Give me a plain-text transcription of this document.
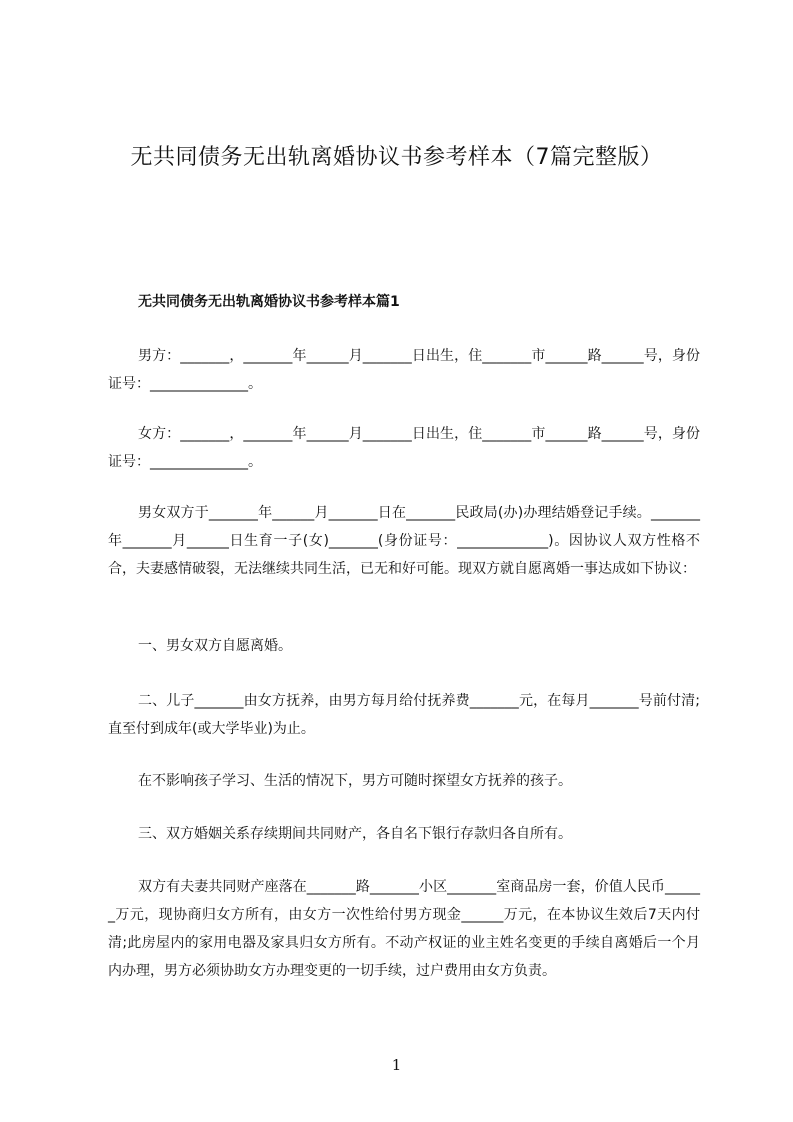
无共同债务无出轨离婚协议书参考样本（7篇完整版）
无共同债务无出轨离婚协议书参考样本篇1

男方：_______，_______年______月_______日出生，住_______市______路______号，身份证号：______________。

女方：_______，_______年______月_______日出生，住_______市______路______号，身份证号：______________。

男女双方于_______年______月_______日在_______民政局(办)办理结婚登记手续。_______年_______月______日生育一子(女)_______(身份证号：_____________)。因协议人双方性格不合，夫妻感情破裂，无法继续共同生活，已无和好可能。现双方就自愿离婚一事达成如下协议：

一、男女双方自愿离婚。

二、儿子_______由女方抚养，由男方每月给付抚养费_______元，在每月_______号前付清;直至付到成年(或大学毕业)为止。

在不影响孩子学习、生活的情况下，男方可随时探望女方抚养的孩子。

三、双方婚姻关系存续期间共同财产，各自名下银行存款归各自所有。

双方有夫妻共同财产座落在_______路_______小区_______室商品房一套，价值人民币______万元，现协商归女方所有，由女方一次性给付男方现金______万元，在本协议生效后7天内付清;此房屋内的家用电器及家具归女方所有。不动产权证的业主姓名变更的手续自离婚后一个月内办理，男方必须协助女方办理变更的一切手续，过户费用由女方负责。

1
